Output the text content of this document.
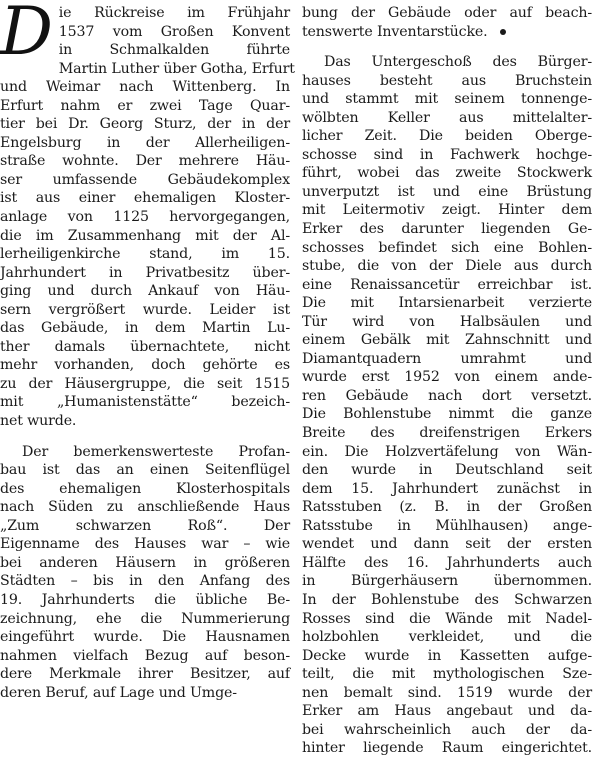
D ie Rückreise im Frühjahr
1537 vom Großen Konvent
in Schmalkalden führte
Martin Luther über Gotha, Erfurt
und Weimar nach Wittenberg. In
Erfurt nahm er zwei Tage Quar-
tier bei Dr. Georg Sturz, der in der
Engelsburg in der Allerheiligen-
straße wohnte. Der mehrere Häu-
ser umfassende Gebäudekomplex
ist aus einer ehemaligen Kloster-
anlage von 1125 hervorgegangen,
die im Zusammenhang mit der Al-
lerheiligenkirche stand, im 15.
Jahrhundert in Privatbesitz über-
ging und durch Ankauf von Häu-
sern vergrößert wurde. Leider ist
das Gebäude, in dem Martin Lu-
ther damals übernachtete, nicht
mehr vorhanden, doch gehörte es
zu der Häusergruppe, die seit 1515
mit „Humanistenstätte“ bezeich-
net wurde.
Der bemerkenswerteste Profan-
bau ist das an einen Seitenflügel
des ehemaligen Klosterhospitals
nach Süden zu anschließende Haus
„Zum schwarzen Roß“. Der
Eigenname des Hauses war – wie
bei anderen Häusern in größeren
Städten – bis in den Anfang des
19. Jahrhunderts die übliche Be-
zeichnung, ehe die Nummerierung
eingeführt wurde. Die Hausnamen
nahmen vielfach Bezug auf beson-
dere Merkmale ihrer Besitzer, auf
deren Beruf, auf Lage und Umge-
bung der Gebäude oder auf beach-
tenswerte Inventarstücke.
Das Untergeschoß des Bürger-
hauses besteht aus Bruchstein
und stammt mit seinem tonnenge-
wölbten Keller aus mittelalter-
licher Zeit. Die beiden Oberge-
schosse sind in Fachwerk hochge-
führt, wobei das zweite Stockwerk
unverputzt ist und eine Brüstung
mit Leitermotiv zeigt. Hinter dem
Erker des darunter liegenden Ge-
schosses befindet sich eine Bohlen-
stube, die von der Diele aus durch
eine Renaissancetür erreichbar ist.
Die mit Intarsienarbeit verzierte
Tür wird von Halbsäulen und
einem Gebälk mit Zahnschnitt und
Diamantquadern umrahmt und
wurde erst 1952 von einem ande-
ren Gebäude nach dort versetzt.
Die Bohlenstube nimmt die ganze
Breite des dreifenstrigen Erkers
ein. Die Holzvertäfelung von Wän-
den wurde in Deutschland seit
dem 15. Jahrhundert zunächst in
Ratsstuben (z. B. in der Großen
Ratsstube in Mühlhausen) ange-
wendet und dann seit der ersten
Hälfte des 16. Jahrhunderts auch
in Bürgerhäusern übernommen.
In der Bohlenstube des Schwarzen
Rosses sind die Wände mit Nadel-
holzbohlen verkleidet, und die
Decke wurde in Kassetten aufge-
teilt, die mit mythologischen Sze-
nen bemalt sind. 1519 wurde der
Erker am Haus angebaut und da-
bei wahrscheinlich auch der da-
hinter liegende Raum eingerichtet.
